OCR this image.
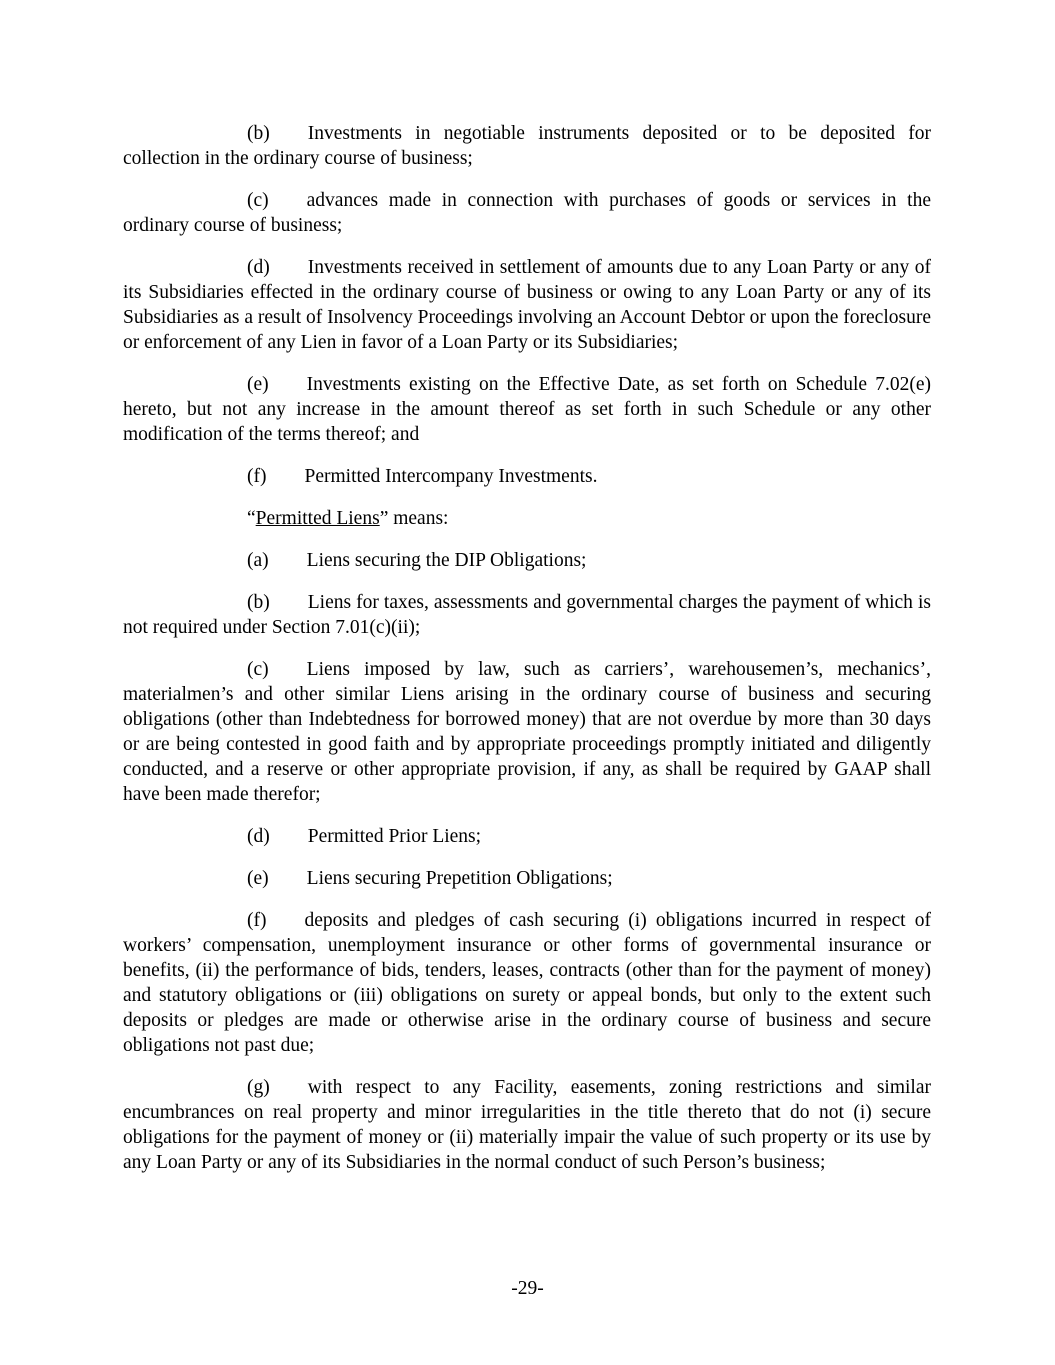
(b) Investments in negotiable instruments deposited or to be deposited for collection in the ordinary course of business;

(c) advances made in connection with purchases of goods or services in the ordinary course of business;

(d) Investments received in settlement of amounts due to any Loan Party or any of its Subsidiaries effected in the ordinary course of business or owing to any Loan Party or any of its Subsidiaries as a result of Insolvency Proceedings involving an Account Debtor or upon the foreclosure or enforcement of any Lien in favor of a Loan Party or its Subsidiaries;

(e) Investments existing on the Effective Date, as set forth on Schedule 7.02(e) hereto, but not any increase in the amount thereof as set forth in such Schedule or any other modification of the terms thereof; and

(f) Permitted Intercompany Investments.

“Permitted Liens” means:

(a) Liens securing the DIP Obligations;

(b) Liens for taxes, assessments and governmental charges the payment of which is not required under Section 7.01(c)(ii);

(c) Liens imposed by law, such as carriers’, warehousemen’s, mechanics’, materialmen’s and other similar Liens arising in the ordinary course of business and securing obligations (other than Indebtedness for borrowed money) that are not overdue by more than 30 days or are being contested in good faith and by appropriate proceedings promptly initiated and diligently conducted, and a reserve or other appropriate provision, if any, as shall be required by GAAP shall have been made therefor;

(d) Permitted Prior Liens;

(e) Liens securing Prepetition Obligations;

(f) deposits and pledges of cash securing (i) obligations incurred in respect of workers’ compensation, unemployment insurance or other forms of governmental insurance or benefits, (ii) the performance of bids, tenders, leases, contracts (other than for the payment of money) and statutory obligations or (iii) obligations on surety or appeal bonds, but only to the extent such deposits or pledges are made or otherwise arise in the ordinary course of business and secure obligations not past due;

(g) with respect to any Facility, easements, zoning restrictions and similar encumbrances on real property and minor irregularities in the title thereto that do not (i) secure obligations for the payment of money or (ii) materially impair the value of such property or its use by any Loan Party or any of its Subsidiaries in the normal conduct of such Person’s business;

-29-
